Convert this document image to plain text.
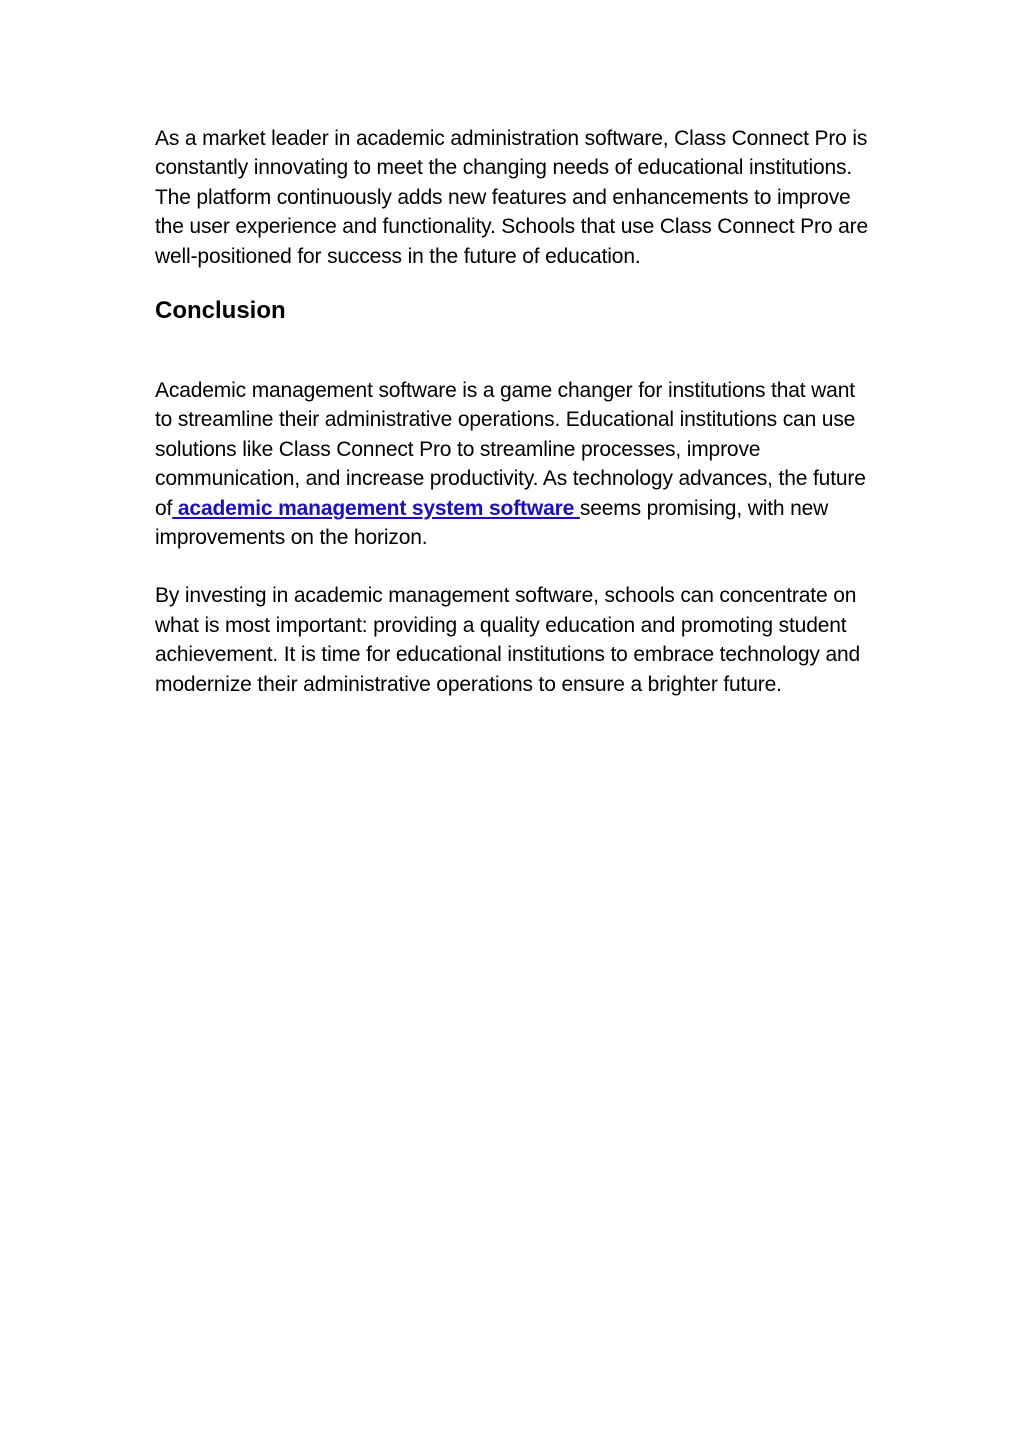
As a market leader in academic administration software, Class Connect Pro is constantly innovating to meet the changing needs of educational institutions. The platform continuously adds new features and enhancements to improve the user experience and functionality. Schools that use Class Connect Pro are well-positioned for success in the future of education.

Conclusion

Academic management software is a game changer for institutions that want to streamline their administrative operations. Educational institutions can use solutions like Class Connect Pro to streamline processes, improve communication, and increase productivity. As technology advances, the future of academic management system software seems promising, with new improvements on the horizon.

By investing in academic management software, schools can concentrate on what is most important: providing a quality education and promoting student achievement. It is time for educational institutions to embrace technology and modernize their administrative operations to ensure a brighter future.
